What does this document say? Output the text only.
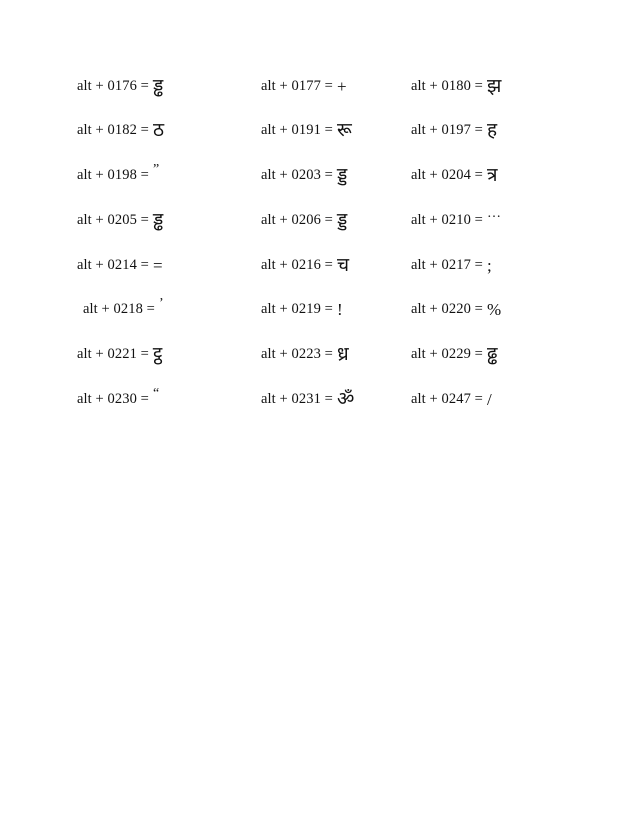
alt + 0176 = ड्ढ	alt + 0177 = +	alt + 0180 = झ
alt + 0182 = ठ	alt + 0191 = रू	alt + 0197 = ह
alt + 0198 = ”	alt + 0203 = ड्ड	alt + 0204 = त्र
alt + 0205 = ड्ढ	alt + 0206 = ड्ड	alt + 0210 = …
alt + 0214 = =	alt + 0216 = च	alt + 0217 = ;
alt + 0218 = ’	alt + 0219 = !	alt + 0220 = %
alt + 0221 = ट्ठ	alt + 0223 = ध्र	alt + 0229 = ढ्ढ
alt + 0230 = “	alt + 0231 = ॐ	alt + 0247 = /
